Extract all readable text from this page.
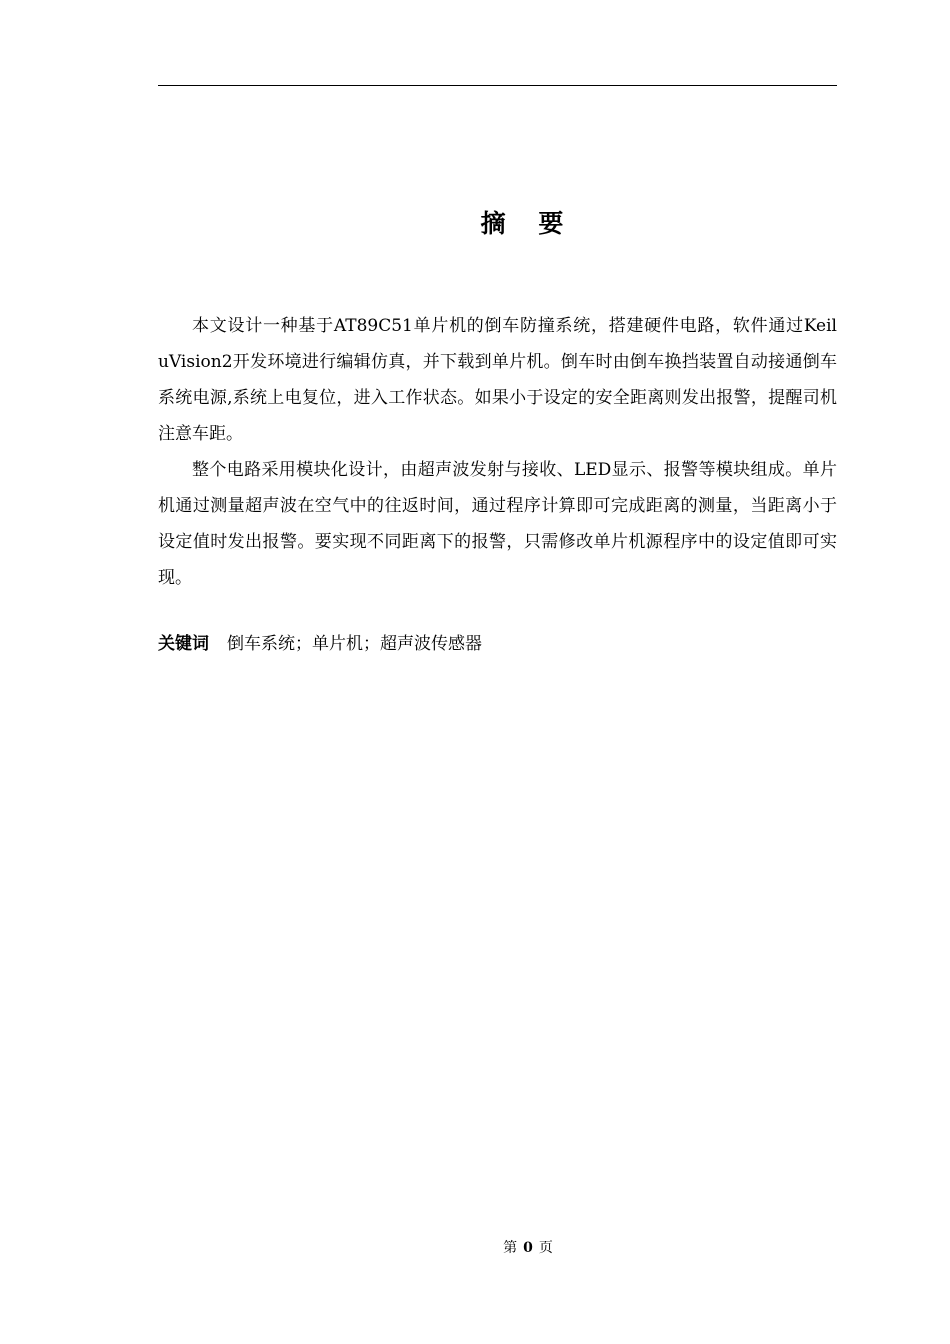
摘 要

本文设计一种基于AT89C51单片机的倒车防撞系统，搭建硬件电路，软件通过Keil uVision2开发环境进行编辑仿真，并下载到单片机。倒车时由倒车换挡装置自动接通倒车系统电源,系统上电复位，进入工作状态。如果小于设定的安全距离则发出报警，提醒司机注意车距。

整个电路采用模块化设计，由超声波发射与接收、LED显示、报警等模块组成。单片机通过测量超声波在空气中的往返时间，通过程序计算即可完成距离的测量，当距离小于设定值时发出报警。要实现不同距离下的报警，只需修改单片机源程序中的设定值即可实现。

关键词 倒车系统；单片机；超声波传感器
第 0 页
